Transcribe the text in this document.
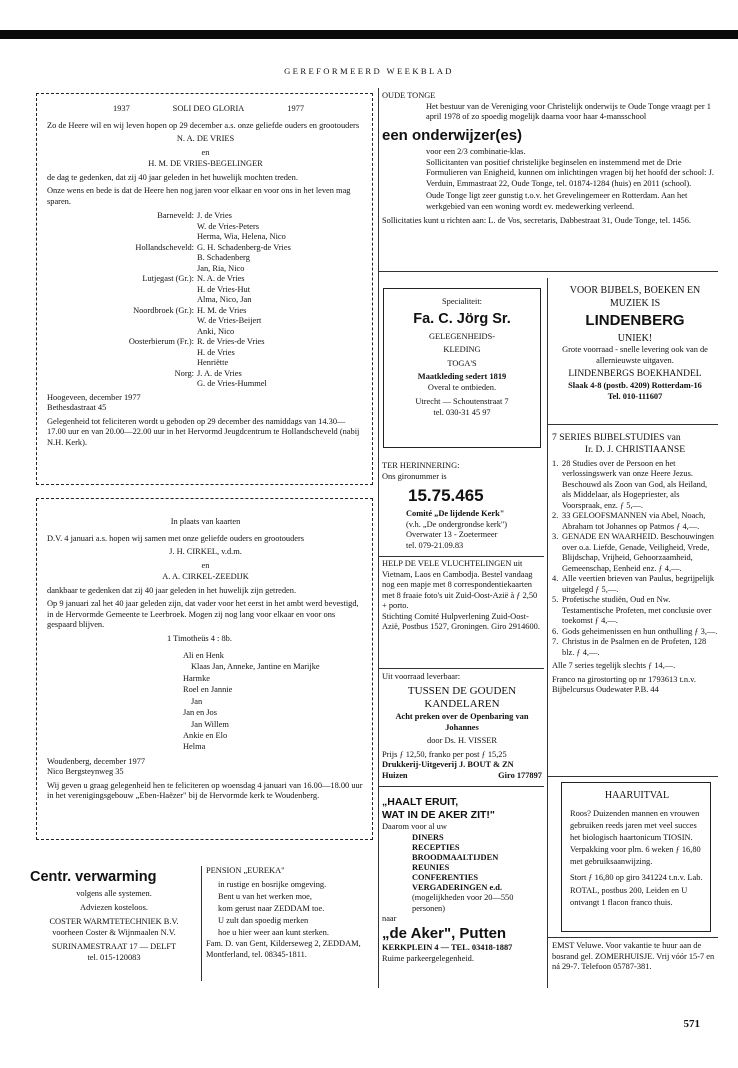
GEREFORMEERD WEEKBLAD
1937	SOLI DEO GLORIA	1977

Zo de Heere wil en wij leven hopen op 29 december a.s. onze geliefde ouders en grootouders

N. A. DE VRIES

en

H. M. DE VRIES-BEGELINGER

de dag te gedenken, dat zij 40 jaar geleden in het huwelijk mochten treden.

Onze wens en bede is dat de Heere hen nog jaren voor elkaar en voor ons in het leven mag sparen.

Barneveld: J. de Vries
W. de Vries-Peters
Herma, Wia, Helena, Nico
Hollandscheveld: G. H. Schadenberg-de Vries
B. Schadenberg
Jan, Ria, Nico
Lutjegast (Gr.): N. A. de Vries
H. de Vries-Hut
Alma, Nico, Jan
Noordbroek (Gr.): H. M. de Vries
W. de Vries-Beijert
Anki, Nico
Oosterbierum (Fr.): R. de Vries-de Vries
H. de Vries
Henriëtte
Norg: J. A. de Vries
G. de Vries-Hummel
Hoogeveen, december 1977

Bethesdastraat 45

Gelegenheid tot feliciteren wordt u geboden op 29 december des namiddags van 14.30—17.00 uur en van 20.00—22.00 uur in het Hervormd Jeugdcentrum te Hollandscheveld (nabij N.H. Kerk).

In plaats van kaarten

D.V. 4 januari a.s. hopen wij samen met onze geliefde ouders en grootouders

J. H. CIRKEL, v.d.m.

en

A. A. CIRKEL-ZEEDIJK

dankbaar te gedenken dat zij 40 jaar geleden in het huwelijk zijn getreden.

Op 9 januari zal het 40 jaar geleden zijn, dat vader voor het eerst in het ambt werd bevestigd, in de Hervormde Gemeente te Leerbroek. Mogen zij nog lang voor elkaar en voor ons gespaard blijven.

1 Timotheüs 4 : 8b.

Ali en Henk
Klaas Jan, Anneke, Jantine en Marijke
Harmke
Roel en Jannie
Jan
Jan en Jos
Jan Willem
Ankie en Elo
Helma
Woudenberg, december 1977

Nico Bergsteynweg 35

Wij geven u graag gelegenheid hen te feliciteren op woensdag 4 januari van 16.00—18.00 uur in het verenigingsgebouw „Eben-Haëzer" bij de Hervormde kerk te Woudenberg.

Centr. verwarming
volgens alle systemen.
Adviezen kosteloos.
COSTER WARMTETECHNIEK B.V.
voorheen Coster & Wijnmaalen N.V.
SURINAMESTRAAT 17 — DELFT
tel. 015-120083
PENSION „EUREKA"
in rustige en bosrijke omgeving.
Bent u van het werken moe,
kom gerust naar ZEDDAM toe.
U zult dan spoedig merken
hoe u hier weer aan kunt sterken.
Fam. D. van Gent, Kilderseweg 2, ZEDDAM, Montferland, tel. 08345-1811.
OUDE TONGE
Het bestuur van de Vereniging voor Christelijk onderwijs te Oude Tonge vraagt per 1 april 1978 of zo spoedig mogelijk daarna voor haar 4-mansschool
een onderwijzer(es)
voor een 2/3 combinatie-klas.
Sollicitanten van positief christelijke beginselen en instemmend met de Drie Formulieren van Enigheid, kunnen om inlichtingen vragen bij het hoofd der school: J. Verduin, Emmastraat 22, Oude Tonge, tel. 01874-1284 (huis) en 2011 (school).
Oude Tonge ligt zeer gunstig t.o.v. het Grevelingemeer en Rotterdam. Aan het werkgebied van een woning wordt ev. medewerking verleend.
Sollicitaties kunt u richten aan: L. de Vos, secretaris, Dabbestraat 31, Oude Tonge, tel. 1456.
Specialiteit:
Fa. C. Jörg Sr.
GELEGENHEIDS-
KLEDING
TOGA'S
Maatkleding sedert 1819
Overal te ontbieden.
Utrecht — Schoutenstraat 7
tel. 030-31 45 97
TER HERINNERING:
Ons gironummer is
15.75.465
Comité „De lijdende Kerk"
(v.h. „De ondergrondse kerk")
Overwater 13 - Zoetermeer
tel. 079-21.09.83
HELP DE VELE VLUCHTELINGEN uit Vietnam, Laos en Cambodja. Bestel vandaag nog een mapje met 8 correspondentiekaarten met 8 fraaie foto's uit Zuid-Oost-Azië à ƒ 2,50 + porto.
Stichting Comité Hulpverlening Zuid-Oost-Azië, Postbus 1527, Groningen. Giro 2914600.
Uit voorraad leverbaar:
TUSSEN DE GOUDEN
KANDELAREN
Acht preken over de Openbaring van Johannes
door Ds. H. VISSER
Prijs ƒ 12,50, franko per post ƒ 15,25
Drukkerij-Uitgeverij J. BOUT & ZN
Huizen	Giro 177897
„HAALT ERUIT,
WAT IN DE AKER ZIT!"
Daarom voor al uw
DINERS
RECEPTIES
BROODMAALTIJDEN
REUNIES
CONFERENTIES
VERGADERINGEN e.d.
(mogelijkheden voor 20—550 personen)
naar
„de Aker", Putten
KERKPLEIN 4 — TEL. 03418-1887
Ruime parkeergelegenheid.
VOOR BIJBELS, BOEKEN EN
MUZIEK IS
LINDENBERG
UNIEK!
Grote voorraad - snelle levering ook van de allernieuwste uitgaven.
LINDENBERGS BOEKHANDEL
Slaak 4-8 (postb. 4209) Rotterdam-16
Tel. 010-111607
7 SERIES BIJBELSTUDIES van
Ir. D. J. CHRISTIAANSE
1. 28 Studies over de Persoon en het verlossingswerk van onze Heere Jezus. Beschouwd als Zoon van God, als Heiland, als Middelaar, als Hogepriester, als Voorspraak, enz. ƒ 5,—.
2. 33 GELOOFSMANNEN via Abel, Noach, Abraham tot Johannes op Patmos ƒ 4,—.
3. GENADE EN WAARHEID. Beschouwingen over o.a. Liefde, Genade, Veiligheid, Vrede, Blijdschap, Vrijheid, Gehoorzaamheid, Gemeenschap, Eenheid enz. ƒ 4,—.
4. Alle veertien brieven van Paulus, begrijpelijk uitgelegd ƒ 5,—.
5. Profetische studiën, Oud en Nw. Testamentische Profeten, met conclusie over toekomst ƒ 4,—.
6. Gods geheimenissen en hun onthulling ƒ 3,—.
7. Christus in de Psalmen en de Profeten, 128 blz. ƒ 4,—.
Alle 7 series tegelijk slechts ƒ 14,—.
Franco na girostorting op nr 1793613 t.n.v. Bijbelcursus Oudewater P.B. 44
HAARUITVAL
Roos? Duizenden mannen en vrouwen gebruiken reeds jaren met veel succes het biologisch haartonicum TIOSIN. Verpakking voor plm. 6 weken ƒ 16,80 met gebruiksaanwijzing.
Stort ƒ 16,80 op giro 341224 t.n.v. Lab. ROTAL, postbus 200, Leiden en U ontvangt 1 flacon franco thuis.
EMST Veluwe. Voor vakantie te huur aan de bosrand gel. ZOMERHUISJE. Vrij vóór 15-7 en ná 29-7. Telefoon 05787-381.
571
